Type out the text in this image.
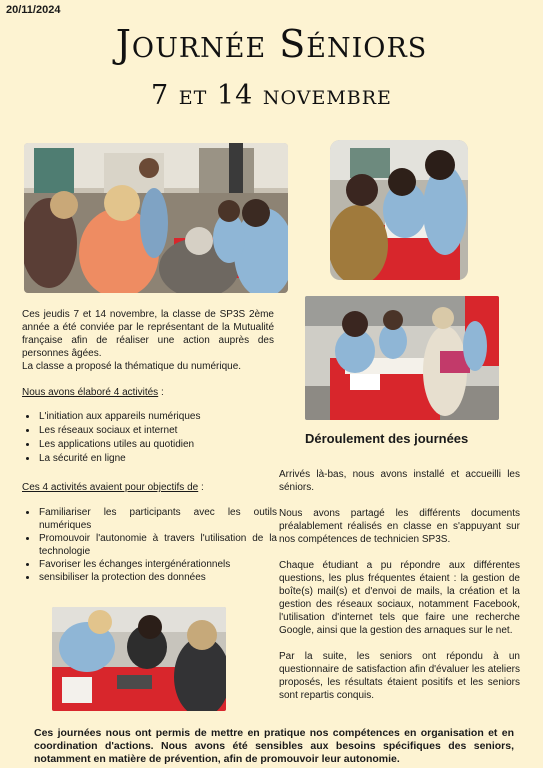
20/11/2024
Journée Séniors
7 et 14 novembre

Ces jeudis 7 et 14 novembre, la classe de SP3S 2ème année a été conviée par le représentant de la Mutualité française afin de réaliser une action auprès des personnes âgées.

La classe a proposé la thématique du numérique.

Nous avons élaboré 4 activités :
L'initiation aux appareils numériques
Les réseaux sociaux et internet
Les applications utiles au quotidien
La sécurité en ligne
Ces 4 activités avaient pour objectifs de :
Familiariser les participants avec les outils numériques
Promouvoir l'autonomie à travers l'utilisation de la technologie
Favoriser les échanges intergénérationnels
sensibiliser la protection des données
Déroulement des journées

Arrivés là-bas, nous avons installé et accueilli les séniors.

Nous avons partagé les différents documents préalablement réalisés en classe en s'appuyant sur nos compétences de technicien SP3S.

Chaque étudiant a pu répondre aux différentes questions, les plus fréquentes étaient : la gestion de boîte(s) mail(s) et d'envoi de mails, la création et la gestion des réseaux sociaux, notamment Facebook, l'utilisation d'internet tels que faire une recherche Google, ainsi que la gestion des arnaques sur le net.

Par la suite, les seniors ont répondu à un questionnaire de satisfaction afin d'évaluer les ateliers proposés, les résultats étaient positifs et les seniors sont repartis conquis.

Ces journées nous ont permis de mettre en pratique nos compétences en organisation et en coordination d'actions. Nous avons été sensibles aux besoins spécifiques des seniors, notamment en matière de prévention, afin de promouvoir leur autonomie.
